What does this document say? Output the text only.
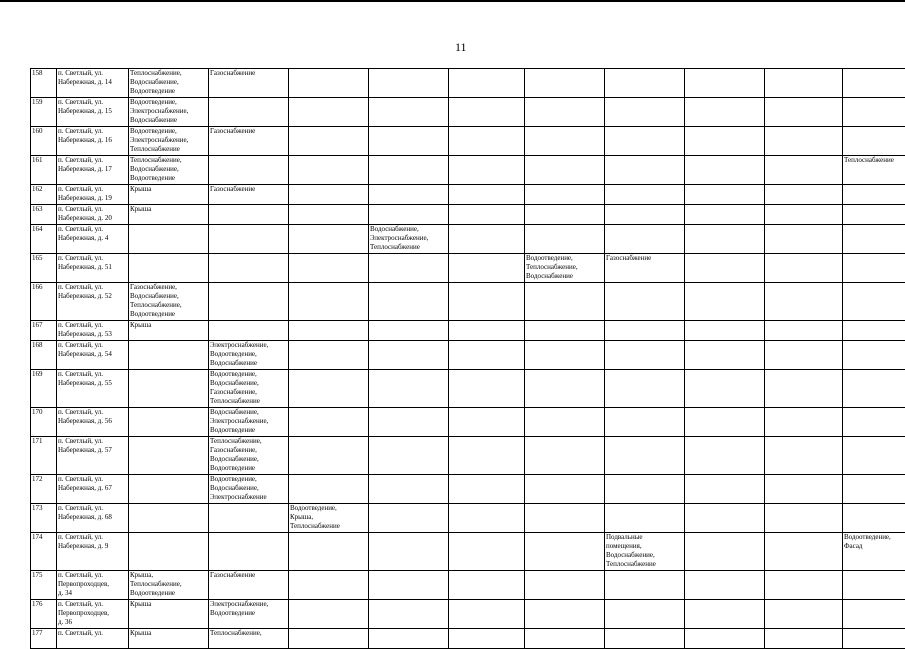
11
158	п. Светлый, ул.
Набережная, д. 14	Теплоснабжение,
Водоснабжение,
Водоотведение	Газоснабжение								
159	п. Светлый, ул.
Набережная, д. 15	Водоотведение,
Электроснабжение,
Водоснабжение									
160	п. Светлый, ул.
Набережная, д. 16	Водоотведение,
Электроснабжение,
Теплоснабжение	Газоснабжение								
161	п. Светлый, ул.
Набережная, д. 17	Теплоснабжение,
Водоснабжение,
Водоотведение									Теплоснабжение
162	п. Светлый, ул.
Набережная, д. 19	Крыша	Газоснабжение								
163	п. Светлый, ул.
Набережная, д. 20	Крыша									
164	п. Светлый, ул.
Набережная, д. 4				Водоснабжение,
Электроснабжение,
Теплоснабжение						
165	п. Светлый, ул.
Набережная, д. 51						Водоотведение,
Теплоснабжение,
Водоснабжение	Газоснабжение			
166	п. Светлый, ул.
Набережная, д. 52	Газоснабжение,
Водоснабжение,
Теплоснабжение,
Водоотведение									
167	п. Светлый, ул.
Набережная, д. 53	Крыша									
168	п. Светлый, ул.
Набережная, д. 54		Электроснабжение,
Водоотведение,
Водоснабжение								
169	п. Светлый, ул.
Набережная, д. 55		Водоотведение,
Водоснабжение,
Газоснабжение,
Теплоснабжение								
170	п. Светлый, ул.
Набережная, д. 56		Водоснабжение,
Электроснабжение,
Водоотведение								
171	п. Светлый, ул.
Набережная, д. 57		Теплоснабжение,
Газоснабжение,
Водоснабжение,
Водоотведение								
172	п. Светлый, ул.
Набережная, д. 67		Водоотведение,
Водоснабжение,
Электроснабжение								
173	п. Светлый, ул.
Набережная, д. 68			Водоотведение,
Крыша,
Теплоснабжение							
174	п. Светлый, ул.
Набережная, д. 9							Подвальные
помещения,
Водоснабжение,
Теплоснабжение			Водоотведение,
Фасад
175	п. Светлый, ул.
Первопроходцев,
д. 34	Крыша,
Теплоснабжение,
Водоотведение	Газоснабжение								
176	п. Светлый, ул.
Первопроходцев,
д. 36	Крыша	Электроснабжение,
Водоотведение								
177	п. Светлый, ул.	Крыша	Теплоснабжение,								
